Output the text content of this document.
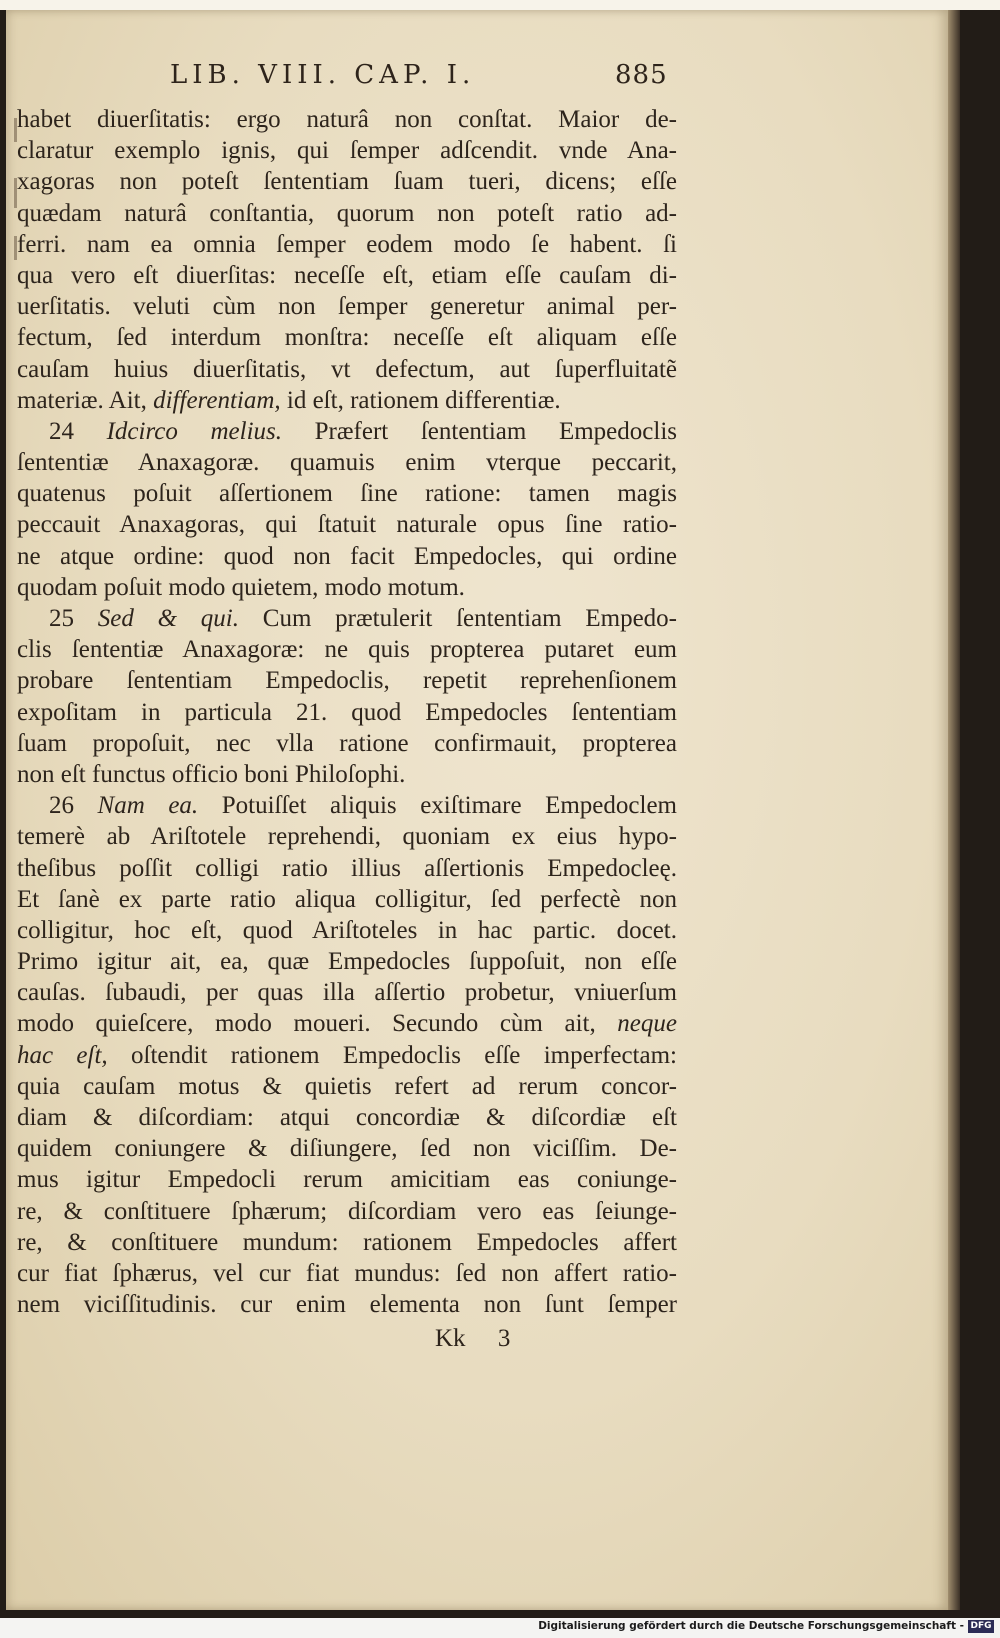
LIB. VIII. CAP. I.	885
habet diuerſitatis: ergo naturâ non conſtat. Maior de-
claratur exemplo ignis, qui ſemper adſcendit. vnde Ana-
xagoras non poteſt ſententiam ſuam tueri, dicens; eſſe
quædam naturâ conſtantia, quorum non poteſt ratio ad-
ferri. nam ea omnia ſemper eodem modo ſe habent. ſi
qua vero eſt diuerſitas: neceſſe eſt, etiam eſſe cauſam di-
uerſitatis. veluti cùm non ſemper generetur animal per-
fectum, ſed interdum monſtra: neceſſe eſt aliquam eſſe
cauſam huius diuerſitatis, vt defectum, aut ſuperfluitatẽ
materiæ. Ait, differentiam, id eſt, rationem differentiæ.
24 Idcirco melius. Præfert ſententiam Empedoclis
ſententiæ Anaxagoræ. quamuis enim vterque peccarit,
quatenus poſuit aſſertionem ſine ratione: tamen magis
peccauit Anaxagoras, qui ſtatuit naturale opus ſine ratio-
ne atque ordine: quod non facit Empedocles, qui ordine
quodam poſuit modo quietem, modo motum.
25 Sed & qui. Cum prætulerit ſententiam Empedo-
clis ſententiæ Anaxagoræ: ne quis propterea putaret eum
probare ſententiam Empedoclis, repetit reprehenſionem
expoſitam in particula 21. quod Empedocles ſententiam
ſuam propoſuit, nec vlla ratione confirmauit, propterea
non eſt functus officio boni Philoſophi.
26 Nam ea. Potuiſſet aliquis exiſtimare Empedoclem
temerè ab Ariſtotele reprehendi, quoniam ex eius hypo-
theſibus poſſit colligi ratio illius aſſertionis Empedocleę.
Et ſanè ex parte ratio aliqua colligitur, ſed perfectè non
colligitur, hoc eſt, quod Ariſtoteles in hac partic. docet.
Primo igitur ait, ea, quæ Empedocles ſuppoſuit, non eſſe
cauſas. ſubaudi, per quas illa aſſertio probetur, vniuerſum
modo quieſcere, modo moueri. Secundo cùm ait, neque
hac eſt, oſtendit rationem Empedoclis eſſe imperfectam:
quia cauſam motus & quietis refert ad rerum concor-
diam & diſcordiam: atqui concordiæ & diſcordiæ eſt
quidem coniungere & diſiungere, ſed non viciſſim. De-
mus igitur Empedocli rerum amicitiam eas coniunge-
re, & conſtituere ſphærum; diſcordiam vero eas ſeiunge-
re, & conſtituere mundum: rationem Empedocles affert
cur fiat ſphærus, vel cur fiat mundus: ſed non affert ratio-
nem viciſſitudinis. cur enim elementa non ſunt ſemper
Kk 3
Digitalisierung gefördert durch die Deutsche Forschungsgemeinschaft - DFG
